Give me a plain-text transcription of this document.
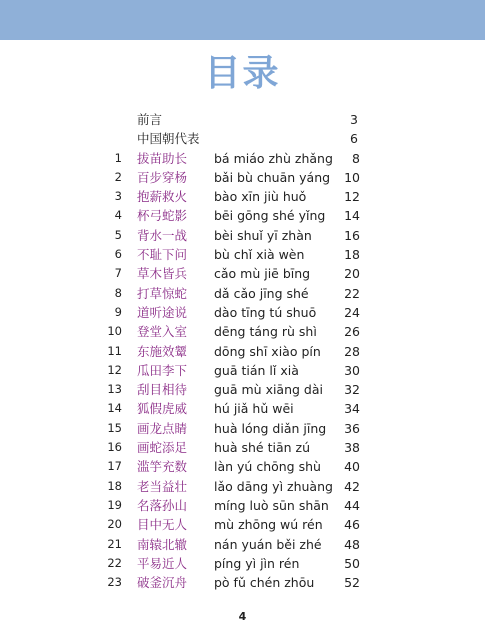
目录
前言	3
中国朝代表	6
1 拔苗助长 bá miáo zhù zhǎng	8
2 百步穿杨 bǎi bù chuān yáng	10
3 抱薪救火 bào xīn jiù huǒ	12
4 杯弓蛇影 bēi gōng shé yǐng	14
5 背水一战 bèi shuǐ yī zhàn	16
6 不耻下问 bù chǐ xià wèn	18
7 草木皆兵 cǎo mù jiē bīng	20
8 打草惊蛇 dǎ cǎo jīng shé	22
9 道听途说 dào tīng tú shuō	24
10 登堂入室 dēng táng rù shì	26
11 东施效颦 dōng shī xiào pín	28
12 瓜田李下 guā tián lǐ xià	30
13 刮目相待 guā mù xiāng dài	32
14 狐假虎威 hú jiǎ hǔ wēi	34
15 画龙点睛 huà lóng diǎn jīng	36
16 画蛇添足 huà shé tiān zú	38
17 滥竽充数 làn yú chōng shù	40
18 老当益壮 lǎo dāng yì zhuàng 42
19 名落孙山 míng luò sūn shān	44
20 目中无人 mù zhōng wú rén	46
21 南辕北辙 nán yuán běi zhé	48
22 平易近人 píng yì jìn rén	50
23 破釜沉舟 pò fǔ chén zhōu	52
4
